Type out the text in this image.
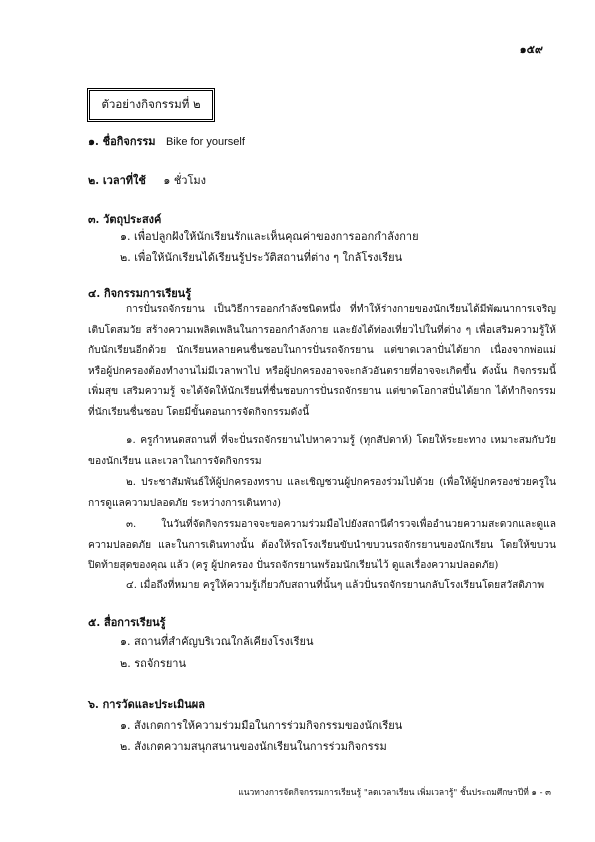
๑๕๙
ตัวอย่างกิจกรรมที่ ๒
๑. ชื่อกิจกรรม Bike for yourself
๒. เวลาที่ใช้ ๑ ชั่วโมง
๓. วัตถุประสงค์
๑. เพื่อปลูกฝังให้นักเรียนรักและเห็นคุณค่าของการออกกำลังกาย
๒. เพื่อให้นักเรียนได้เรียนรู้ประวัติสถานที่ต่าง ๆ ใกล้โรงเรียน
๔. กิจกรรมการเรียนรู้
การปั่นรถจักรยาน เป็นวิธีการออกกำลังชนิดหนึ่ง ที่ทำให้ร่างกายของนักเรียนได้มีพัฒนาการเจริญเติบโตสมวัย สร้างความเพลิดเพลินในการออกกำลังกาย และยังได้ท่องเที่ยวไปในที่ต่าง ๆ เพื่อเสริมความรู้ให้กับนักเรียนอีกด้วย นักเรียนหลายคนชื่นชอบในการปั่นรถจักรยาน แต่ขาดเวลาปั่นได้ยาก เนื่องจากพ่อแม่ หรือผู้ปกครองต้องทำงานไม่มีเวลาพาไป หรือผู้ปกครองอาจจะกลัวอันตรายที่อาจจะเกิดขึ้น ดังนั้น กิจกรรมนี้เพิ่มสุข เสริมความรู้ จะได้จัดให้นักเรียนที่ชื่นชอบการปั่นรถจักรยาน แต่ขาดโอกาสปั่นได้ยาก ได้ทำกิจกรรมที่นักเรียนชื่นชอบ โดยมีขั้นตอนการจัดกิจกรรมดังนี้
๑. ครูกำหนดสถานที่ ที่จะปั่นรถจักรยานไปหาความรู้ (ทุกสัปดาห์) โดยให้ระยะทาง เหมาะสมกับวัยของนักเรียน และเวลาในการจัดกิจกรรม
๒. ประชาสัมพันธ์ให้ผู้ปกครองทราบ และเชิญชวนผู้ปกครองร่วมไปด้วย (เพื่อให้ผู้ปกครองช่วยครูในการดูแลความปลอดภัย ระหว่างการเดินทาง)
๓. ในวันที่จัดกิจกรรมอาจจะขอความร่วมมือไปยังสถานีตำรวจเพื่ออำนวยความสะดวกและดูแลความปลอดภัย และในการเดินทางนั้น ต้องให้รถโรงเรียนขับนำขบวนรถจักรยานของนักเรียน โดยให้ขบวนปิดท้ายสุดของคุณ แล้ว (ครู ผู้ปกครอง ปั่นรถจักรยานพร้อมนักเรียนไว้ ดูแลเรื่องความปลอดภัย)
๔. เมื่อถึงที่หมาย ครูให้ความรู้เกี่ยวกับสถานที่นั้นๆ แล้วปั่นรถจักรยานกลับโรงเรียนโดยสวัสดิภาพ
๕. สื่อการเรียนรู้
๑. สถานที่สำคัญบริเวณใกล้เคียงโรงเรียน
๒. รถจักรยาน
๖. การวัดและประเมินผล
๑. สังเกตการให้ความร่วมมือในการร่วมกิจกรรมของนักเรียน
๒. สังเกตความสนุกสนานของนักเรียนในการร่วมกิจกรรม
แนวทางการจัดกิจกรรมการเรียนรู้ "ลดเวลาเรียน เพิ่มเวลารู้" ชั้นประถมศึกษาปีที่ ๑ - ๓
